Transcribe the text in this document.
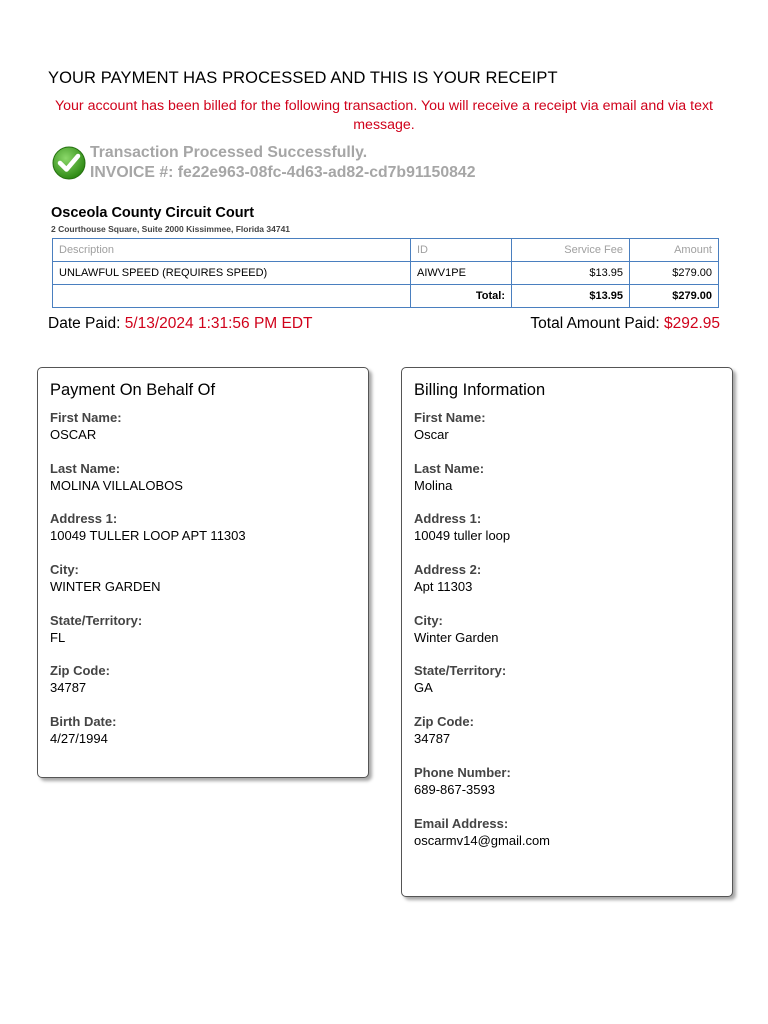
YOUR PAYMENT HAS PROCESSED AND THIS IS YOUR RECEIPT
Your account has been billed for the following transaction. You will receive a receipt via email and via text message.
Transaction Processed Successfully.
INVOICE #: fe22e963-08fc-4d63-ad82-cd7b91150842
Osceola County Circuit Court
2 Courthouse Square, Suite 2000 Kissimmee, Florida 34741
Description	ID	Service Fee	Amount
UNLAWFUL SPEED (REQUIRES SPEED)	AIWV1PE	$13.95	$279.00
	Total:	$13.95	$279.00
Date Paid: 5/13/2024 1:31:56 PM EDT	Total Amount Paid: $292.95
Payment On Behalf Of
First Name:
OSCAR
Last Name:
MOLINA VILLALOBOS
Address 1:
10049 TULLER LOOP APT 11303
City:
WINTER GARDEN
State/Territory:
FL
Zip Code:
34787
Birth Date:
4/27/1994
Billing Information
First Name:
Oscar
Last Name:
Molina
Address 1:
10049 tuller loop
Address 2:
Apt 11303
City:
Winter Garden
State/Territory:
GA
Zip Code:
34787
Phone Number:
689-867-3593
Email Address:
oscarmv14@gmail.com
